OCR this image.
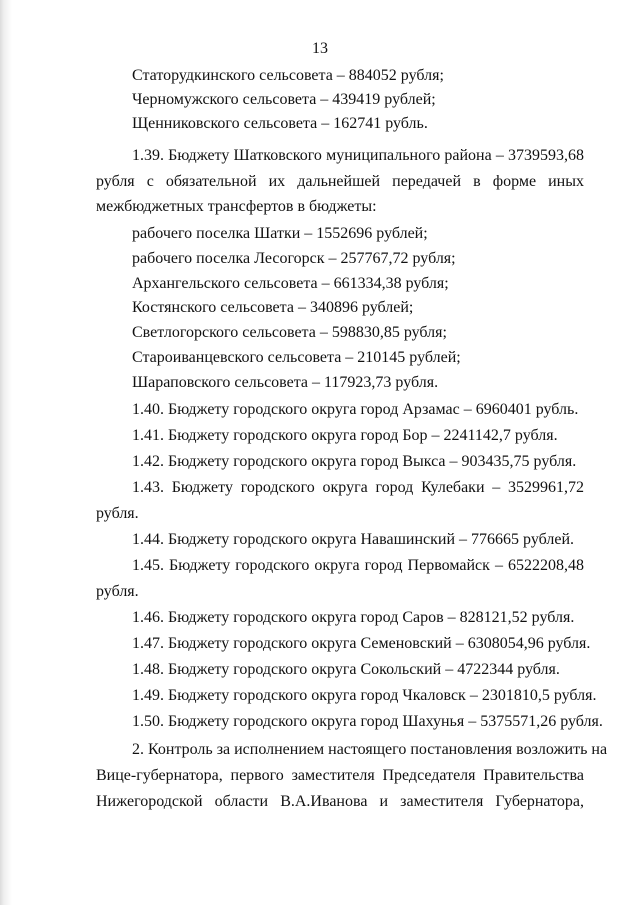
13
Статорудкинского сельсовета – 884052 рубля;
Черномужского сельсовета – 439419 рублей;
Щенниковского сельсовета – 162741 рубль.
1.39. Бюджету Шатковского муниципального района – 3739593,68
рубля с обязательной их дальнейшей передачей в форме иных
межбюджетных трансфертов в бюджеты:
рабочего поселка Шатки – 1552696 рублей;
рабочего поселка Лесогорск – 257767,72 рубля;
Архангельского сельсовета – 661334,38 рубля;
Костянского сельсовета – 340896 рублей;
Светлогорского сельсовета – 598830,85 рубля;
Староиванцевского сельсовета – 210145 рублей;
Шараповского сельсовета – 117923,73 рубля.
1.40. Бюджету городского округа город Арзамас – 6960401 рубль.
1.41. Бюджету городского округа город Бор – 2241142,7 рубля.
1.42. Бюджету городского округа город Выкса – 903435,75 рубля.
1.43. Бюджету городского округа город Кулебаки – 3529961,72
рубля.
1.44. Бюджету городского округа Навашинский – 776665 рублей.
1.45. Бюджету городского округа город Первомайск – 6522208,48
рубля.
1.46. Бюджету городского округа город Саров – 828121,52 рубля.
1.47. Бюджету городского округа Семеновский – 6308054,96 рубля.
1.48. Бюджету городского округа Сокольский – 4722344 рубля.
1.49. Бюджету городского округа город Чкаловск – 2301810,5 рубля.
1.50. Бюджету городского округа город Шахунья – 5375571,26 рубля.
2. Контроль за исполнением настоящего постановления возложить на
Вице-губернатора, первого заместителя Председателя Правительства
Нижегородской области В.А.Иванова и заместителя Губернатора,
